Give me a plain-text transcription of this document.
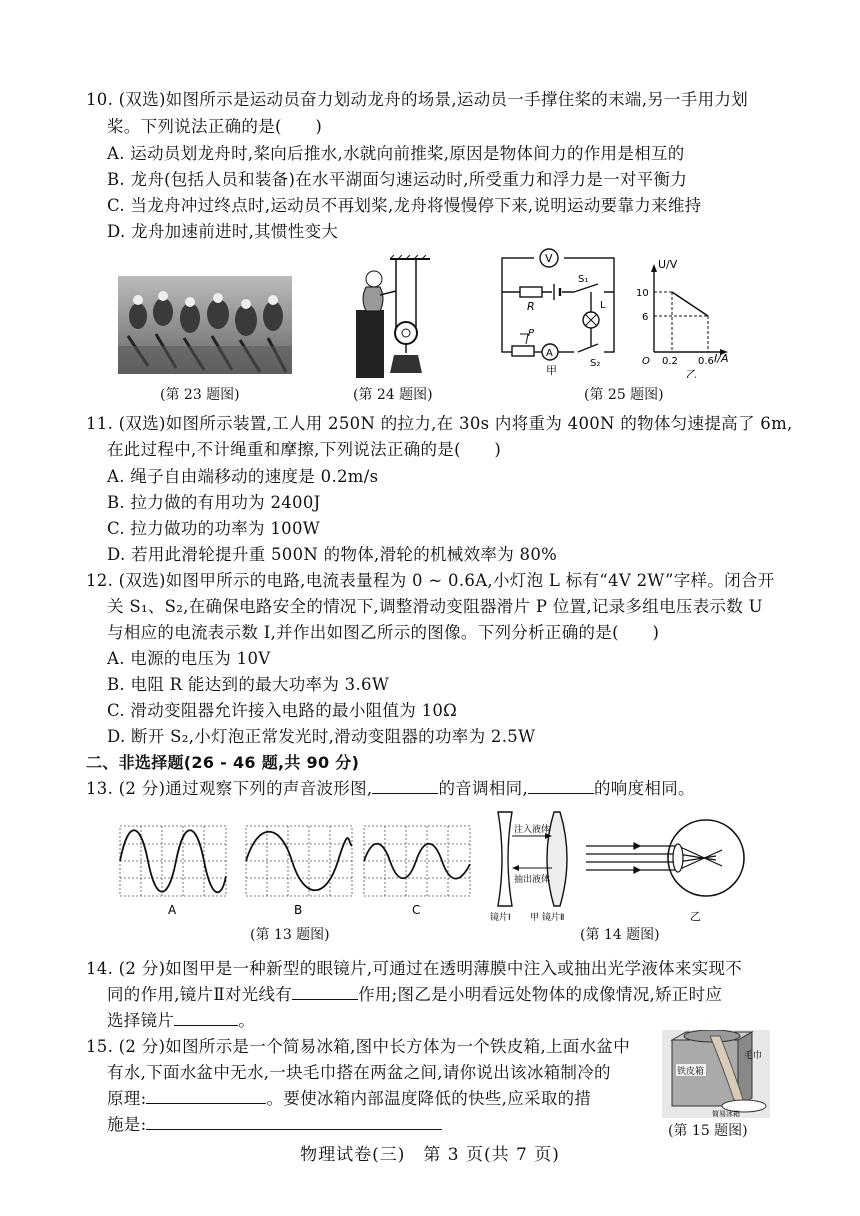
10. (双选)如图所示是运动员奋力划动龙舟的场景,运动员一手撑住桨的末端,另一手用力划
桨。下列说法正确的是(　　)
A. 运动员划龙舟时,桨向后推水,水就向前推桨,原因是物体间力的作用是相互的
B. 龙舟(包括人员和装备)在水平湖面匀速运动时,所受重力和浮力是一对平衡力
C. 当龙舟冲过终点时,运动员不再划桨,龙舟将慢慢停下来,说明运动要靠力来维持
D. 龙舟加速前进时,其惯性变大
(第 23 题图)	(第 24 题图)
V
R
S₁
L
P
A
甲
S₂
U/V
10
6
O 0.2 0.6 I/A
乙
(第 25 题图)
11. (双选)如图所示装置,工人用 250N 的拉力,在 30s 内将重为 400N 的物体匀速提高了 6m,
在此过程中,不计绳重和摩擦,下列说法正确的是(　　)
A. 绳子自由端移动的速度是 0.2m/s
B. 拉力做的有用功为 2400J
C. 拉力做功的功率为 100W
D. 若用此滑轮提升重 500N 的物体,滑轮的机械效率为 80%
12. (双选)如图甲所示的电路,电流表量程为 0 ~ 0.6A,小灯泡 L 标有“4V 2W”字样。闭合开
关 S₁、S₂,在确保电路安全的情况下,调整滑动变阻器滑片 P 位置,记录多组电压表示数 U
与相应的电流表示数 I,并作出如图乙所示的图像。下列分析正确的是(　　)
A. 电源的电压为 10V
B. 电阻 R 能达到的最大功率为 3.6W
C. 滑动变阻器允许接入电路的最小阻值为 10Ω
D. 断开 S₂,小灯泡正常发光时,滑动变阻器的功率为 2.5W
二、非选择题(26 - 46 题,共 90 分)
13. (2 分)通过观察下列的声音波形图,	的音调相同,	的响度相同。
A	B	C
(第 13 题图)
注入液体
抽出液体
镜片Ⅰ	镜片Ⅱ
甲	乙
(第 14 题图)
14. (2 分)如图甲是一种新型的眼镜片,可通过在透明薄膜中注入或抽出光学液体来实现不
同的作用,镜片Ⅱ对光线有	作用;图乙是小明看远处物体的成像情况,矫正时应
选择镜片	。
15. (2 分)如图所示是一个简易冰箱,图中长方体为一个铁皮箱,上面水盆中
有水,下面水盆中无水,一块毛巾搭在两盆之间,请你说出该冰箱制冷的
原理:	。要使冰箱内部温度降低的快些,应采取的措
施是:
铁皮箱
毛巾
简易冰箱
(第 15 题图)
物理试卷(三)　第 3 页(共 7 页)
